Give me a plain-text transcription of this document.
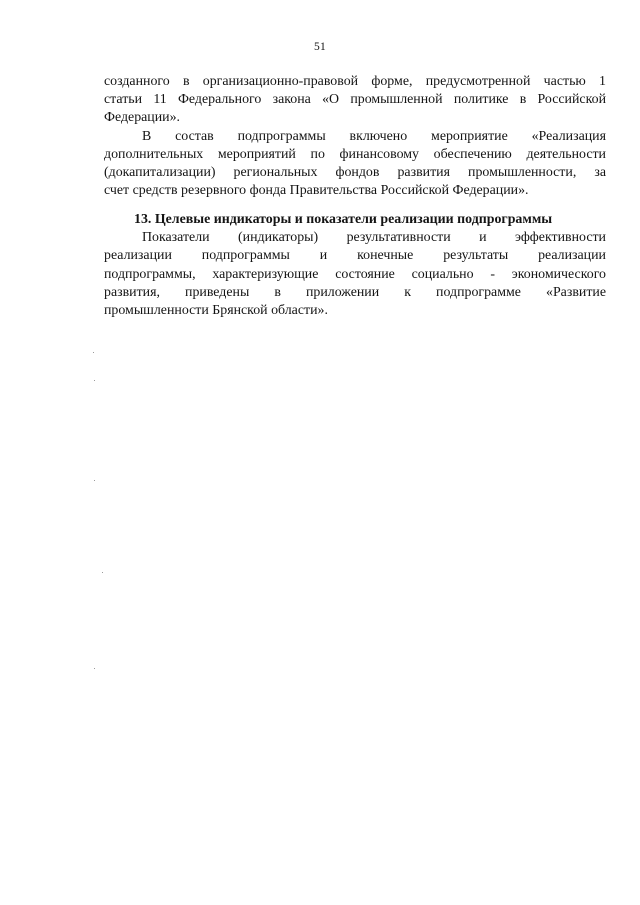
51
созданного в организационно-правовой форме, предусмотренной частью 1
статьи 11 Федерального закона «О промышленной политике в Российской
Федерации».
В состав подпрограммы включено мероприятие «Реализация
дополнительных мероприятий по финансовому обеспечению деятельности
(докапитализации) региональных фондов развития промышленности, за
счет средств резервного фонда Правительства Российской Федерации».
13. Целевые индикаторы и показатели реализации подпрограммы
Показатели (индикаторы) результативности и эффективности
реализации подпрограммы и конечные результаты реализации
подпрограммы, характеризующие состояние социально - экономического
развития, приведены в приложении к подпрограмме «Развитие
промышленности Брянской области».
